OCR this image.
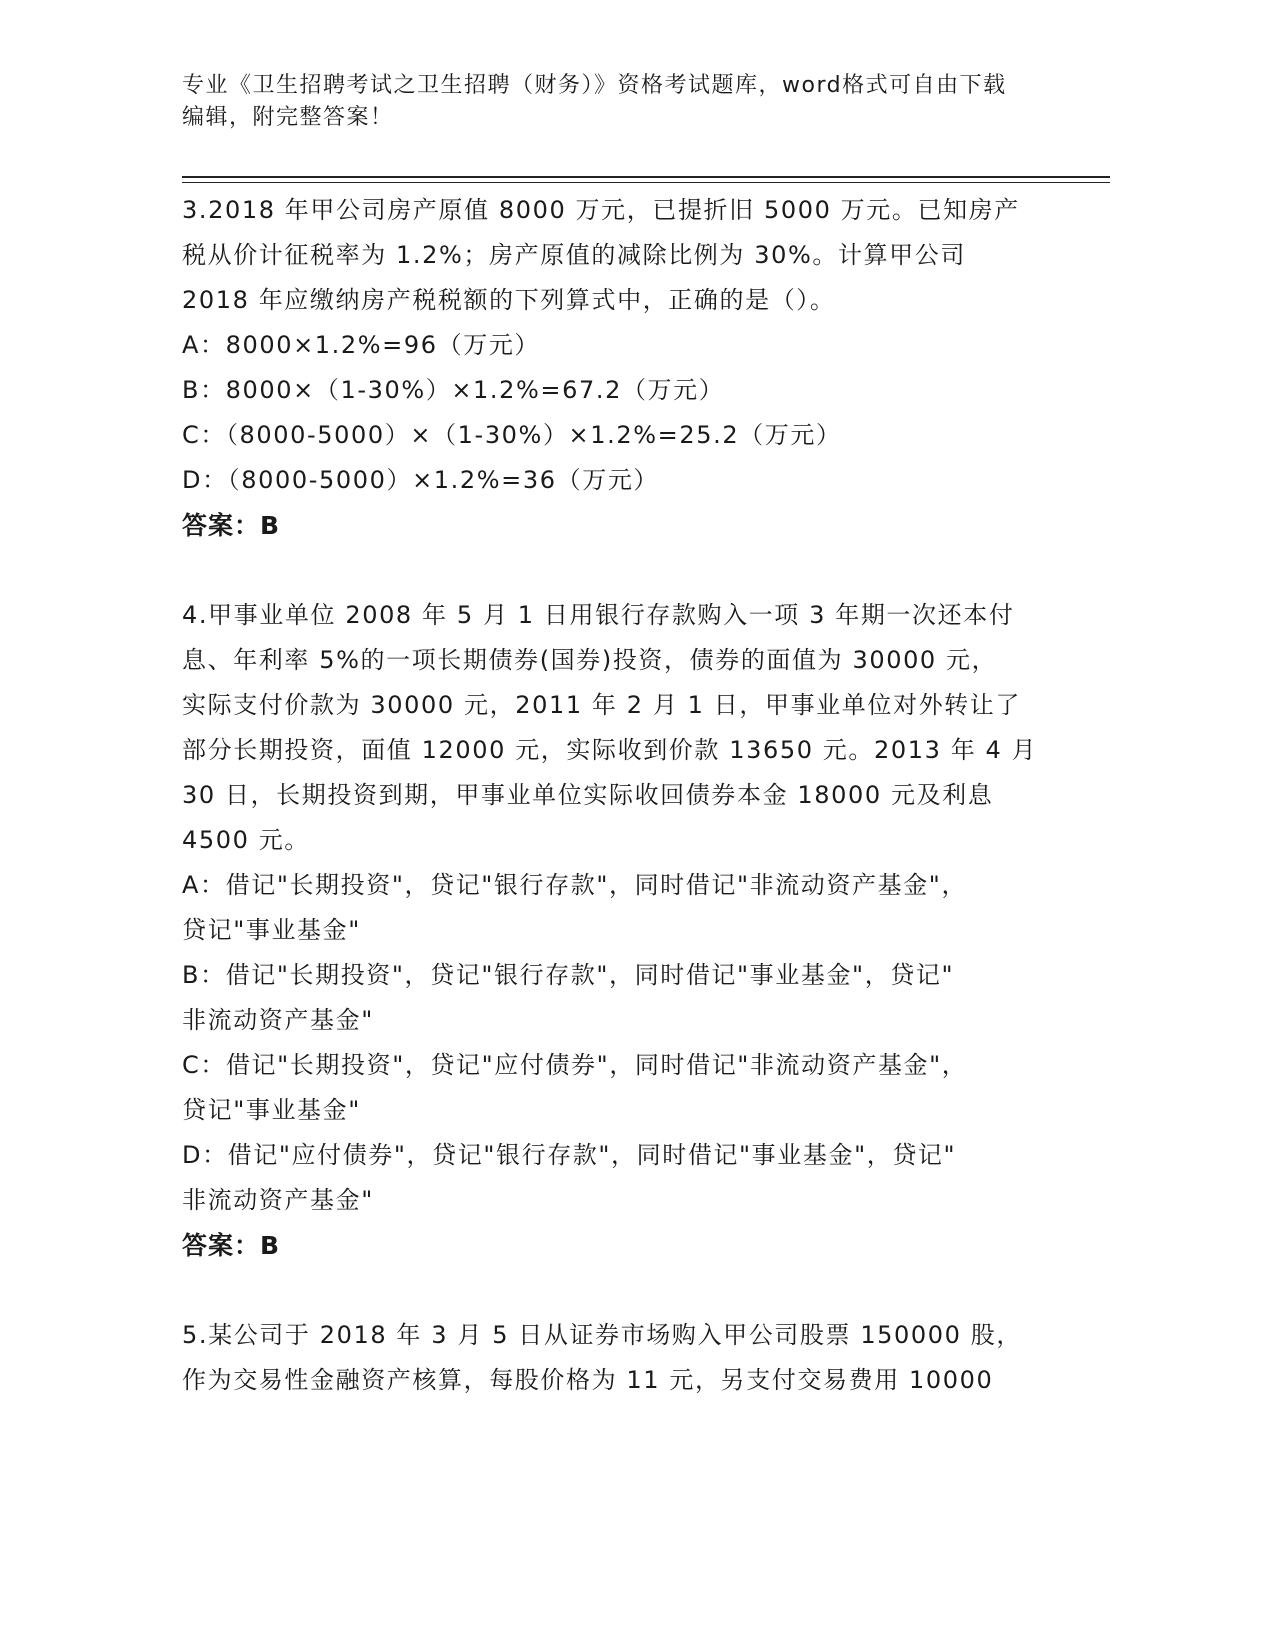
专业《卫生招聘考试之卫生招聘（财务）》资格考试题库，word格式可自由下载
编辑，附完整答案！
3.2018 年甲公司房产原值 8000 万元，已提折旧 5000 万元。已知房产
税从价计征税率为 1.2%；房产原值的减除比例为 30%。计算甲公司
2018 年应缴纳房产税税额的下列算式中，正确的是（）。
A：8000×1.2%=96（万元）
B：8000×（1-30%）×1.2%=67.2（万元）
C：（8000-5000）×（1-30%）×1.2%=25.2（万元）
D：（8000-5000）×1.2%=36（万元）
答案：B
4.甲事业单位 2008 年 5 月 1 日用银行存款购入一项 3 年期一次还本付
息、年利率 5%的一项长期债券(国券)投资，债券的面值为 30000 元，
实际支付价款为 30000 元，2011 年 2 月 1 日，甲事业单位对外转让了
部分长期投资，面值 12000 元，实际收到价款 13650 元。2013 年 4 月
30 日，长期投资到期，甲事业单位实际收回债券本金 18000 元及利息
4500 元。
A：借记"长期投资"，贷记"银行存款"，同时借记"非流动资产基金"，
贷记"事业基金"
B：借记"长期投资"，贷记"银行存款"，同时借记"事业基金"，贷记"
非流动资产基金"
C：借记"长期投资"，贷记"应付债券"，同时借记"非流动资产基金"，
贷记"事业基金"
D：借记"应付债券"，贷记"银行存款"，同时借记"事业基金"，贷记"
非流动资产基金"
答案：B
5.某公司于 2018 年 3 月 5 日从证券市场购入甲公司股票 150000 股，
作为交易性金融资产核算，每股价格为 11 元，另支付交易费用 10000
